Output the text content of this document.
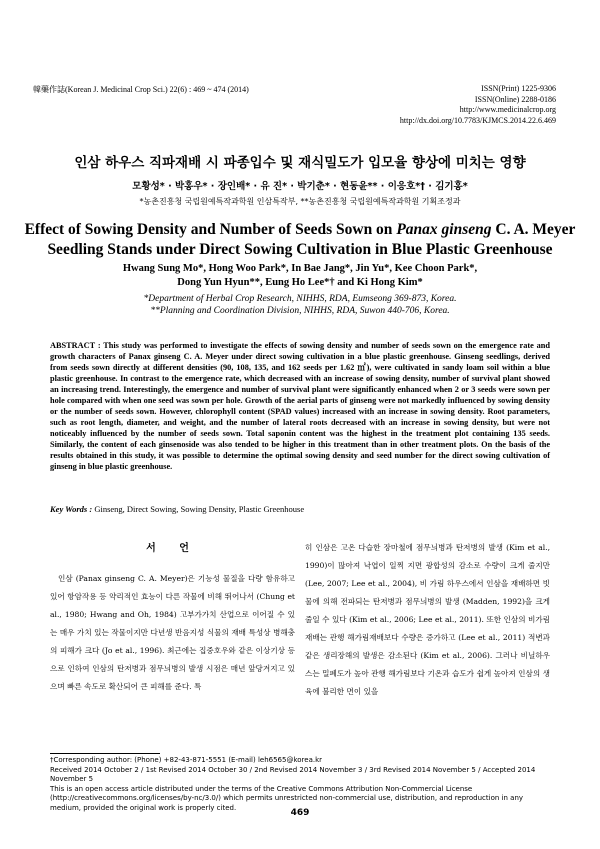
韓藥作誌(Korean J. Medicinal Crop Sci.) 22(6) : 469 ~ 474 (2014)	ISSN(Print) 1225-9306
ISSN(Online) 2288-0186
http://www.medicinalcrop.org
http://dx.doi.org/10.7783/KJMCS.2014.22.6.469
인삼 하우스 직파재배 시 파종입수 및 재식밀도가 입모율 향상에 미치는 영향
모황성* · 박홍우* · 장인배* · 유 진* · 박기춘* · 현동윤** · 이응호*† · 김기홍*
*농촌진흥청 국립원예특작과학원 인삼특작부, **농촌진흥청 국립원예특작과학원 기획조정과
Effect of Sowing Density and Number of Seeds Sown on Panax ginseng C. A. Meyer
Seedling Stands under Direct Sowing Cultivation in Blue Plastic Greenhouse
Hwang Sung Mo*, Hong Woo Park*, In Bae Jang*, Jin Yu*, Kee Choon Park*,
Dong Yun Hyun**, Eung Ho Lee*† and Ki Hong Kim*
*Department of Herbal Crop Research, NIHHS, RDA, Eumseong 369-873, Korea.
**Planning and Coordination Division, NIHHS, RDA, Suwon 440-706, Korea.
ABSTRACT : This study was performed to investigate the effects of sowing density and number of seeds sown on the emergence rate and growth characters of Panax ginseng C. A. Meyer under direct sowing cultivation in a blue plastic greenhouse. Ginseng seedlings, derived from seeds sown directly at different densities (90, 108, 135, and 162 seeds per 1.62 ㎡), were cultivated in sandy loam soil within a blue plastic greenhouse. In contrast to the emergence rate, which decreased with an increase of sowing density, number of survival plant showed an increasing trend. Interestingly, the emergence and number of survival plant were significantly enhanced when 2 or 3 seeds were sown per hole compared with when one seed was sown per hole. Growth of the aerial parts of ginseng were not markedly influenced by sowing density or the number of seeds sown. However, chlorophyll content (SPAD values) increased with an increase in sowing density. Root parameters, such as root length, diameter, and weight, and the number of lateral roots decreased with an increase in sowing density, but were not noticeably influenced by the number of seeds sown. Total saponin content was the highest in the treatment plot containing 135 seeds. Similarly, the content of each ginsenoside was also tended to be higher in this treatment than in other treatment plots. On the basis of the results obtained in this study, it was possible to determine the optimal sowing density and seed number for the direct sowing cultivation of ginseng in blue plastic greenhouse.
Key Words : Ginseng, Direct Sowing, Sowing Density, Plastic Greenhouse
서 언
인삼 (Panax ginseng C. A. Meyer)은 기능성 물질을 다량 함유하고 있어 항암작용 등 약리적인 효능이 다른 작물에 비해 뛰어나서 (Chung et al., 1980; Hwang and Oh, 1984) 고부가가치 산업으로 이어질 수 있는 매우 가치 있는 작물이지만 다년생 반음지성 식물의 재배 특성상 병해충의 피해가 크다 (Jo et al., 1996). 최근에는 집중호우와 같은 이상기상 등으로 인하여 인삼의 탄저병과 점무늬병의 발생 시점은 매년 앞당겨지고 있으며 빠른 속도로 확산되어 큰 피해를 준다. 특
히 인삼은 고온 다습한 장마철에 점무늬병과 탄저병의 발생 (Kim et al., 1990)이 많아져 낙엽이 일찍 지면 광합성의 감소로 수량이 크게 줄지만 (Lee, 2007; Lee et al., 2004), 비 가림 하우스에서 인삼을 재배하면 빗물에 의해 전파되는 탄저병과 점무늬병의 발생 (Madden, 1992)을 크게 줄일 수 있다 (Kim et al., 2006; Lee et al., 2011). 또한 인삼의 비가림재배는 관행 해가림재배보다 수량은 증가하고 (Lee et al., 2011) 적변과 같은 생리장해의 발생은 감소된다 (Kim et al., 2006). 그러나 비닐하우스는 밀폐도가 높아 관행 해가림보다 기온과 습도가 쉽게 높아져 인삼의 생육에 불리한 면이 있을
†Corresponding author: (Phone) +82-43-871-5551 (E-mail) leh6565@korea.kr
Received 2014 October 2 / 1st Revised 2014 October 30 / 2nd Revised 2014 November 3 / 3rd Revised 2014 November 5 / Accepted 2014 November 5
This is an open access article distributed under the terms of the Creative Commons Attribution Non-Commercial License (http://creativecommons.org/licenses/by-nc/3.0/) which permits unrestricted non-commercial use, distribution, and reproduction in any medium, provided the original work is properly cited.
469
